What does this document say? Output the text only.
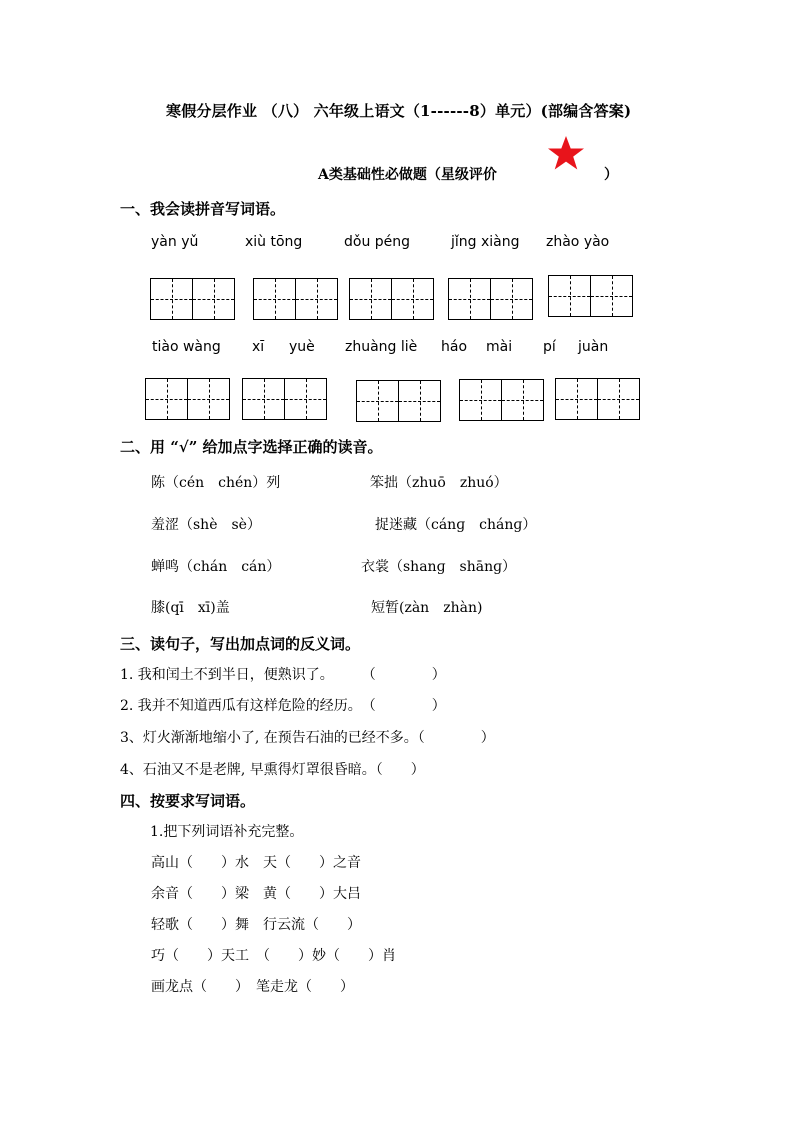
寒假分层作业 （八） 六年级上语文（1------8）单元）(部编含答案)
A类基础性必做题（星级评价	）
一、我会读拼音写词语。
yàn yǔ	xiù tōng	dǒu péng	jǐng xiàng zhào yào
tiào wàng xī yuè zhuàng liè háo mài pí juàn
二、用 “√” 给加点字选择正确的读音。
陈（cén　chén）列	笨拙（zhuō　zhuó）
羞涩（shè　sè）	捉迷藏（cánɡ　chánɡ）
蝉鸣（chán　cán）	衣裳（shanɡ　shānɡ）
膝(qī　xī)盖	短暂(zàn　zhàn)
三、读句子，写出加点词的反义词。
1. 我和闰土不到半日，便熟识了。　　　（　　　　）
2. 我并不知道西瓜有这样危险的经历。　（　　　　）
3、灯火渐渐地缩小了, 在预告石油的已经不多。（　　　　）
4、石油又不是老牌, 早熏得灯罩很昏暗。（　　）
四、按要求写词语。
1.把下列词语补充完整。
高山（　　）水　天（　　）之音
余音（　　）梁　黄（　　）大吕
轻歌（　　）舞　行云流（　　）
巧（　　）天工　（　　）妙（　　）肖
画龙点（　　）　笔走龙（　　）
